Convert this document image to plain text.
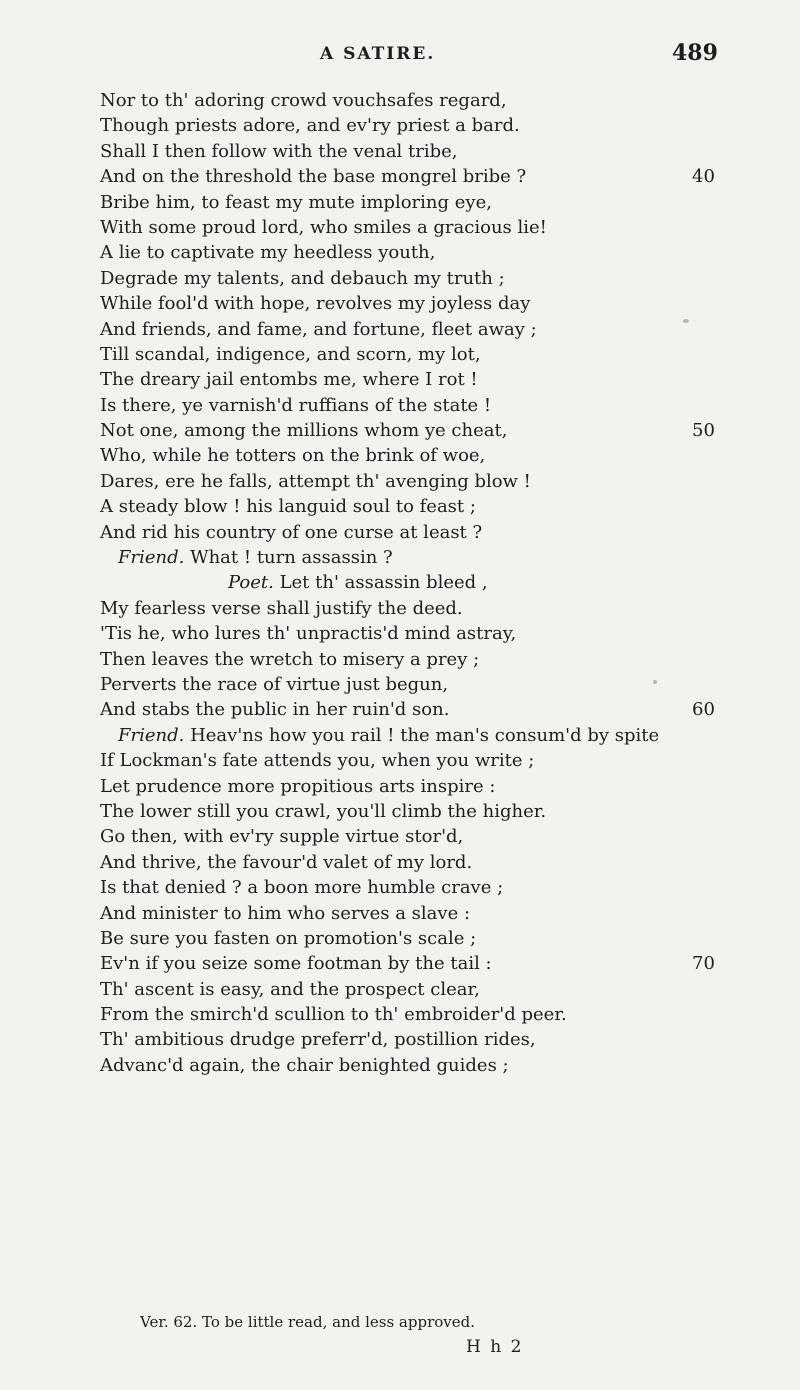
A SATIRE.	489
Nor to th' adoring crowd vouchsafes regard,
Though priests adore, and ev'ry priest a bard.
Shall I then follow with the venal tribe,
And on the threshold the base mongrel bribe ?	40
Bribe him, to feast my mute imploring eye,
With some proud lord, who smiles a gracious lie!
A lie to captivate my heedless youth,
Degrade my talents, and debauch my truth ;
While fool'd with hope, revolves my joyless day
And friends, and fame, and fortune, fleet away ;
Till scandal, indigence, and scorn, my lot,
The dreary jail entombs me, where I rot !
Is there, ye varnish'd ruffians of the state !
Not one, among the millions whom ye cheat,	50
Who, while he totters on the brink of woe,
Dares, ere he falls, attempt th' avenging blow !
A steady blow ! his languid soul to feast ;
And rid his country of one curse at least ?
Friend. What ! turn assassin ?
Poet. Let th' assassin bleed ,
My fearless verse shall justify the deed.
'Tis he, who lures th' unpractis'd mind astray,
Then leaves the wretch to misery a prey ;
Perverts the race of virtue just begun,
And stabs the public in her ruin'd son.	60
Friend. Heav'ns how you rail ! the man's consum'd by spite
If Lockman's fate attends you, when you write ;
Let prudence more propitious arts inspire :
The lower still you crawl, you'll climb the higher.
Go then, with ev'ry supple virtue stor'd,
And thrive, the favour'd valet of my lord.
Is that denied ? a boon more humble crave ;
And minister to him who serves a slave :
Be sure you fasten on promotion's scale ;
Ev'n if you seize some footman by the tail :	70
Th' ascent is easy, and the prospect clear,
From the smirch'd scullion to th' embroider'd peer.
Th' ambitious drudge preferr'd, postillion rides,
Advanc'd again, the chair benighted guides ;
Ver. 62. To be little read, and less approved.
H h 2
